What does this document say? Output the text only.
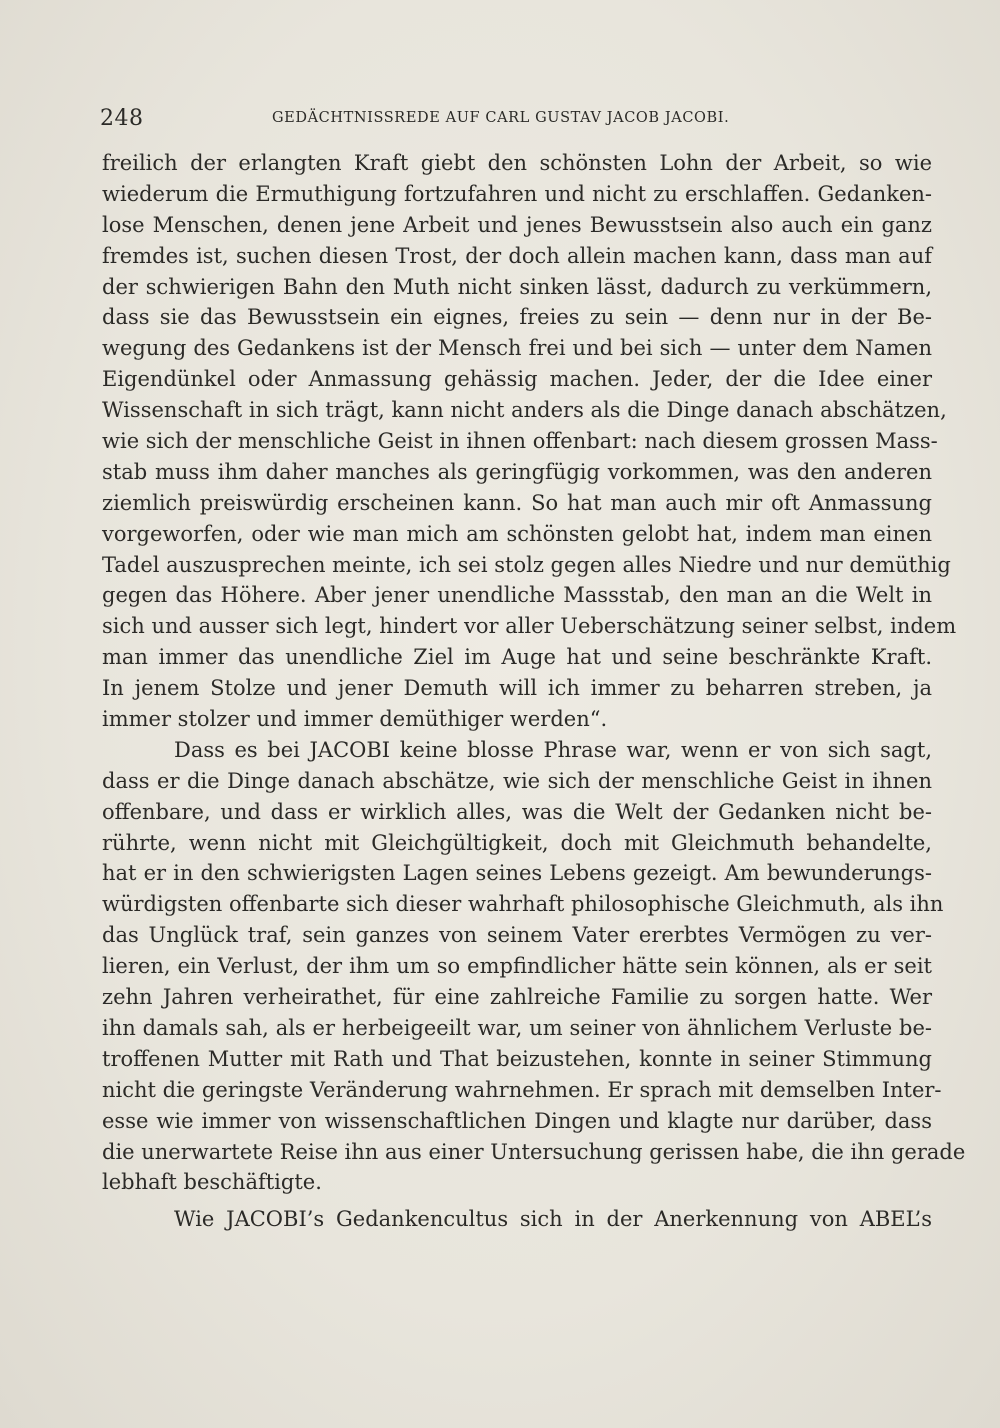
248	GEDÄCHTNISSREDE AUF CARL GUSTAV JACOB JACOBI.
freilich der erlangten Kraft giebt den schönsten Lohn der Arbeit, so wie
wiederum die Ermuthigung fortzufahren und nicht zu erschlaffen. Gedanken-
lose Menschen, denen jene Arbeit und jenes Bewusstsein also auch ein ganz
fremdes ist, suchen diesen Trost, der doch allein machen kann, dass man auf
der schwierigen Bahn den Muth nicht sinken lässt, dadurch zu verkümmern,
dass sie das Bewusstsein ein eignes, freies zu sein — denn nur in der Be-
wegung des Gedankens ist der Mensch frei und bei sich — unter dem Namen
Eigendünkel oder Anmassung gehässig machen. Jeder, der die Idee einer
Wissenschaft in sich trägt, kann nicht anders als die Dinge danach abschätzen,
wie sich der menschliche Geist in ihnen offenbart: nach diesem grossen Mass-
stab muss ihm daher manches als geringfügig vorkommen, was den anderen
ziemlich preiswürdig erscheinen kann. So hat man auch mir oft Anmassung
vorgeworfen, oder wie man mich am schönsten gelobt hat, indem man einen
Tadel auszusprechen meinte, ich sei stolz gegen alles Niedre und nur demüthig
gegen das Höhere. Aber jener unendliche Massstab, den man an die Welt in
sich und ausser sich legt, hindert vor aller Ueberschätzung seiner selbst, indem
man immer das unendliche Ziel im Auge hat und seine beschränkte Kraft.
In jenem Stolze und jener Demuth will ich immer zu beharren streben, ja
immer stolzer und immer demüthiger werden“.
Dass es bei JACOBI keine blosse Phrase war, wenn er von sich sagt,
dass er die Dinge danach abschätze, wie sich der menschliche Geist in ihnen
offenbare, und dass er wirklich alles, was die Welt der Gedanken nicht be-
rührte, wenn nicht mit Gleichgültigkeit, doch mit Gleichmuth behandelte,
hat er in den schwierigsten Lagen seines Lebens gezeigt. Am bewunderungs-
würdigsten offenbarte sich dieser wahrhaft philosophische Gleichmuth, als ihn
das Unglück traf, sein ganzes von seinem Vater ererbtes Vermögen zu ver-
lieren, ein Verlust, der ihm um so empfindlicher hätte sein können, als er seit
zehn Jahren verheirathet, für eine zahlreiche Familie zu sorgen hatte. Wer
ihn damals sah, als er herbeigeeilt war, um seiner von ähnlichem Verluste be-
troffenen Mutter mit Rath und That beizustehen, konnte in seiner Stimmung
nicht die geringste Veränderung wahrnehmen. Er sprach mit demselben Inter-
esse wie immer von wissenschaftlichen Dingen und klagte nur darüber, dass
die unerwartete Reise ihn aus einer Untersuchung gerissen habe, die ihn gerade
lebhaft beschäftigte.
Wie JACOBI’s Gedankencultus sich in der Anerkennung von ABEL’s
